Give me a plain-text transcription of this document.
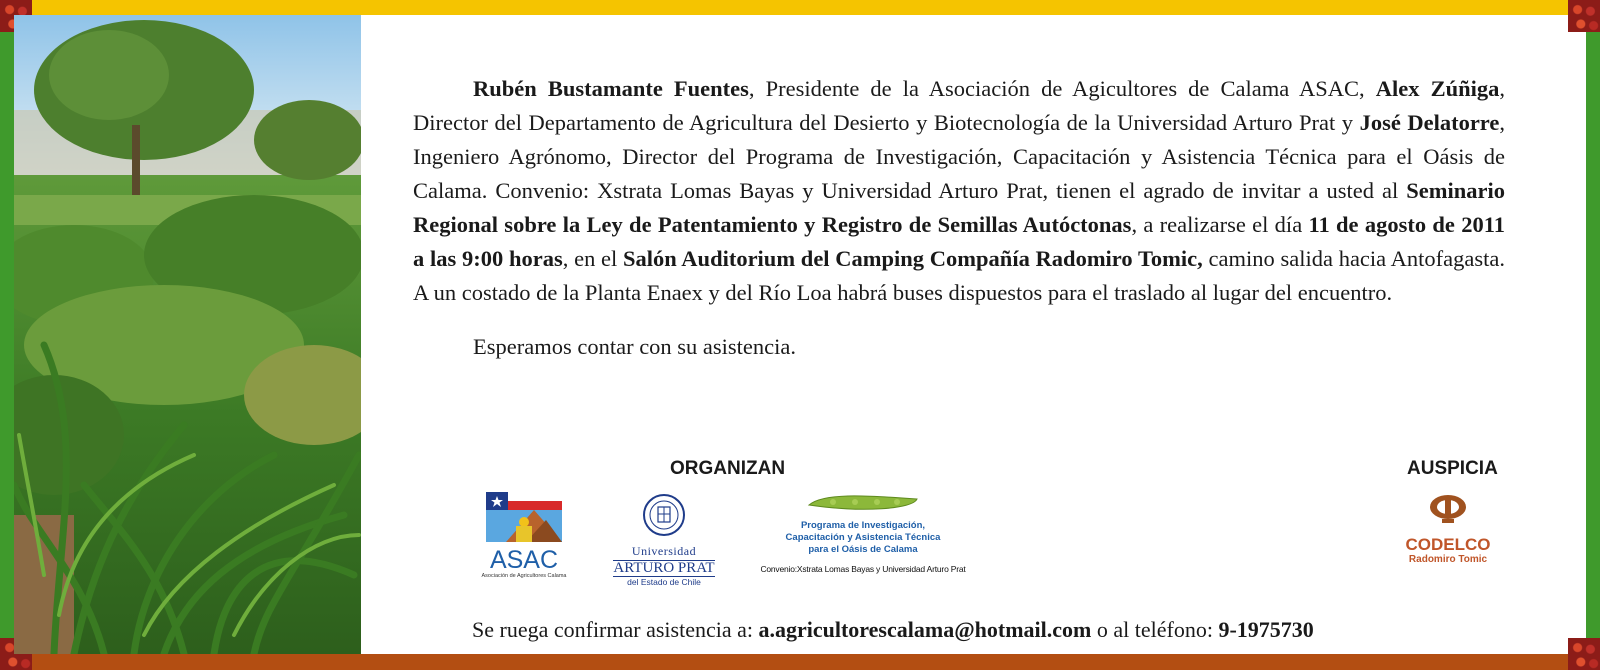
Rubén Bustamante Fuentes, Presidente de la Asociación de Agicultores de Calama ASAC, Alex Zúñiga, Director del Departamento de Agricultura del Desierto y Biotecnología de la Universidad Arturo Prat y José Delatorre, Ingeniero Agrónomo, Director del Programa de Investigación, Capacitación y Asistencia Técnica para el Oásis de Calama. Convenio: Xstrata Lomas Bayas y Universidad Arturo Prat, tienen el agrado de invitar a usted al Seminario Regional sobre la Ley de Patentamiento y Registro de Semillas Autóctonas, a realizarse el día 11 de agosto de 2011 a las 9:00 horas, en el Salón Auditorium del Camping Compañía Radomiro Tomic, camino salida hacia Antofagasta. A un costado de la Planta Enaex y del Río Loa habrá buses dispuestos para el traslado al lugar del encuentro.

Esperamos contar con su asistencia.

ORGANIZAN	AUSPICIA
ASAC
Asociación de Agricultores Calama
Universidad
ARTURO PRAT
del Estado de Chile
Programa de Investigación,
Capacitación y Asistencia Técnica
para el Oásis de Calama
Convenio:Xstrata Lomas Bayas y Universidad Arturo Prat
CODELCO
Radomiro Tomic
Se ruega confirmar asistencia a: a.agricultorescalama@hotmail.com o al teléfono: 9-1975730
